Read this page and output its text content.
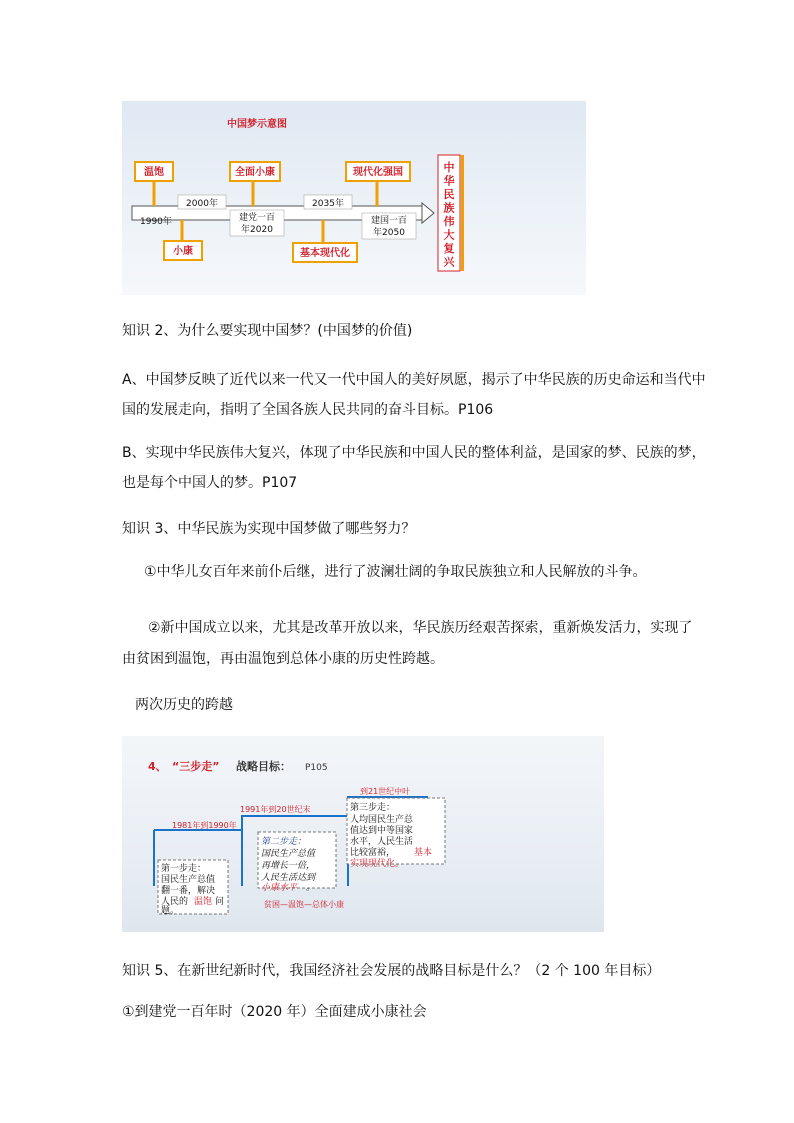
中国梦示意图
温饱
小康
全面小康
基本现代化
现代化强国
1990年
2000年
建党一百
年2020
2035年
建国一百
年2050
中
华
民
族
伟
大
复
兴

知识 2、为什么要实现中国梦？(中国梦的价值)

A、中国梦反映了近代以来一代又一代中国人的美好夙愿，揭示了中华民族的历史命运和当代中

国的发展走向，指明了全国各族人民共同的奋斗目标。P106

B、实现中华民族伟大复兴，体现了中华民族和中国人民的整体利益，是国家的梦、民族的梦，

也是每个中国人的梦。P107

知识 3、中华民族为实现中国梦做了哪些努力？

①中华儿女百年来前仆后继，进行了波澜壮阔的争取民族独立和人民解放的斗争。

②新中国成立以来，尤其是改革开放以来，华民族历经艰苦探索，重新焕发活力，实现了

由贫困到温饱，再由温饱到总体小康的历史性跨越。

两次历史的跨越

4、 “三步走” 战略目标： P105
1981年到1990年
1991年到20世纪末
到21世纪中叶
第一步走：
国民生产总值
翻一番，解决
人民的 温饱 问
题。
第二步走：
国民生产总值
再增长一倍，
人民生活达到
小康水平 。
第三步走：
人均国民生产总
值达到中等国家
水平，人民生活
比较富裕， 基本
实现现代化。
贫困—温饱—总体小康

知识 5、在新世纪新时代，我国经济社会发展的战略目标是什么？（2 个 100 年目标）

①到建党一百年时（2020 年）全面建成小康社会
